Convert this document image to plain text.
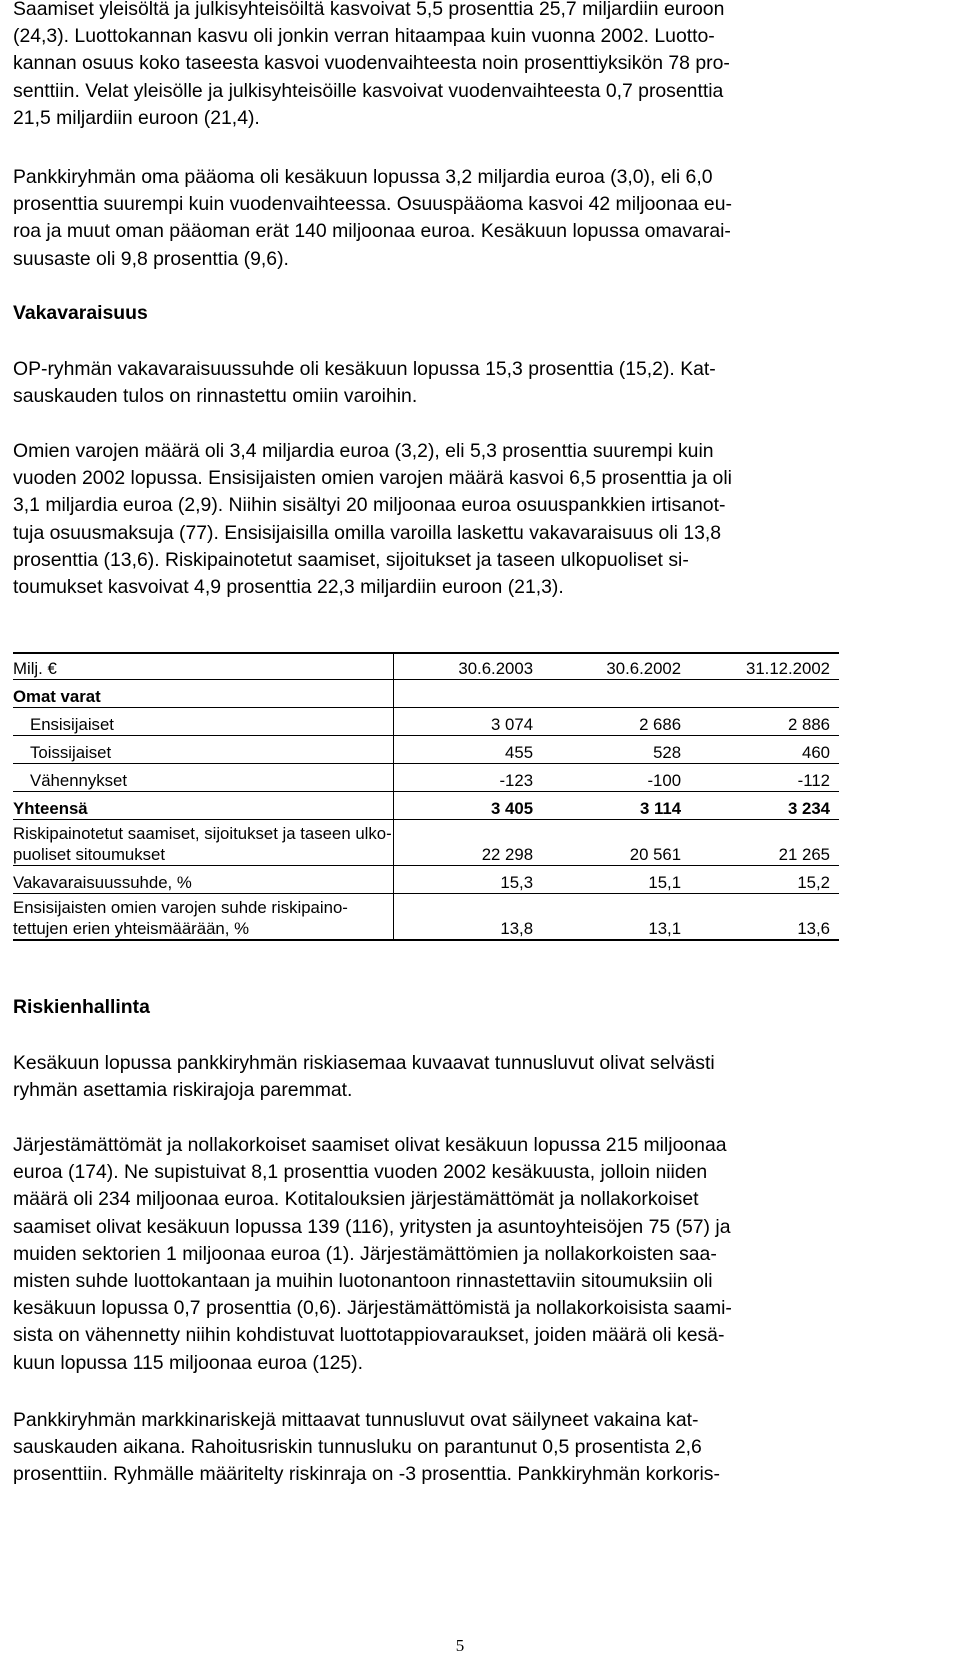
Saamiset yleisöltä ja julkisyhteisöiltä kasvoivat 5,5 prosenttia 25,7 miljardiin euroon
(24,3). Luottokannan kasvu oli jonkin verran hitaampaa kuin vuonna 2002. Luotto-
kannan osuus koko taseesta kasvoi vuodenvaihteesta noin prosenttiyksikön 78 pro-
senttiin. Velat yleisölle ja julkisyhteisöille kasvoivat vuodenvaihteesta 0,7 prosenttia
21,5 miljardiin euroon (21,4).

Pankkiryhmän oma pääoma oli kesäkuun lopussa 3,2 miljardia euroa (3,0), eli 6,0
prosenttia suurempi kuin vuodenvaihteessa. Osuuspääoma kasvoi 42 miljoonaa eu-
roa ja muut oman pääoman erät 140 miljoonaa euroa. Kesäkuun lopussa omavarai-
suusaste oli 9,8 prosenttia (9,6).

Vakavaraisuus

OP-ryhmän vakavaraisuussuhde oli kesäkuun lopussa 15,3 prosenttia (15,2). Kat-
sauskauden tulos on rinnastettu omiin varoihin.

Omien varojen määrä oli 3,4 miljardia euroa (3,2), eli 5,3 prosenttia suurempi kuin
vuoden 2002 lopussa. Ensisijaisten omien varojen määrä kasvoi 6,5 prosenttia ja oli
3,1 miljardia euroa (2,9). Niihin sisältyi 20 miljoonaa euroa osuuspankkien irtisanot-
tuja osuusmaksuja (77). Ensisijaisilla omilla varoilla laskettu vakavaraisuus oli 13,8
prosenttia (13,6). Riskipainotetut saamiset, sijoitukset ja taseen ulkopuoliset si-
toumukset kasvoivat 4,9 prosenttia 22,3 miljardiin euroon (21,3).

Riskienhallinta

Kesäkuun lopussa pankkiryhmän riskiasemaa kuvaavat tunnusluvut olivat selvästi
ryhmän asettamia riskirajoja paremmat.

Järjestämättömät ja nollakorkoiset saamiset olivat kesäkuun lopussa 215 miljoonaa
euroa (174). Ne supistuivat 8,1 prosenttia vuoden 2002 kesäkuusta, jolloin niiden
määrä oli 234 miljoonaa euroa. Kotitalouksien järjestämättömät ja nollakorkoiset
saamiset olivat kesäkuun lopussa 139 (116), yritysten ja asuntoyhteisöjen 75 (57) ja
muiden sektorien 1 miljoonaa euroa (1). Järjestämättömien ja nollakorkoisten saa-
misten suhde luottokantaan ja muihin luotonantoon rinnastettaviin sitoumuksiin oli
kesäkuun lopussa 0,7 prosenttia (0,6). Järjestämättömistä ja nollakorkoisista saami-
sista on vähennetty niihin kohdistuvat luottotappiovaraukset, joiden määrä oli kesä-
kuun lopussa 115 miljoonaa euroa (125).

Pankkiryhmän markkinariskejä mittaavat tunnusluvut ovat säilyneet vakaina kat-
sauskauden aikana. Rahoitusriskin tunnusluku on parantunut 0,5 prosentista 2,6
prosenttiin. Ryhmälle määritelty riskinraja on -3 prosenttia. Pankkiryhmän korkoris-

Milj. €	30.6.2003	30.6.2002	31.12.2002
Omat varat			
Ensisijaiset	3 074	2 686	2 886
Toissijaiset	455	528	460
Vähennykset	-123	-100	-112
Yhteensä	3 405	3 114	3 234
Riskipainotetut saamiset, sijoitukset ja taseen ulko-
puoliset sitoumukset	22 298	20 561	21 265
Vakavaraisuussuhde, %	15,3	15,1	15,2
Ensisijaisten omien varojen suhde riskipaino-
tettujen erien yhteismäärään, %	13,8	13,1	13,6
5
